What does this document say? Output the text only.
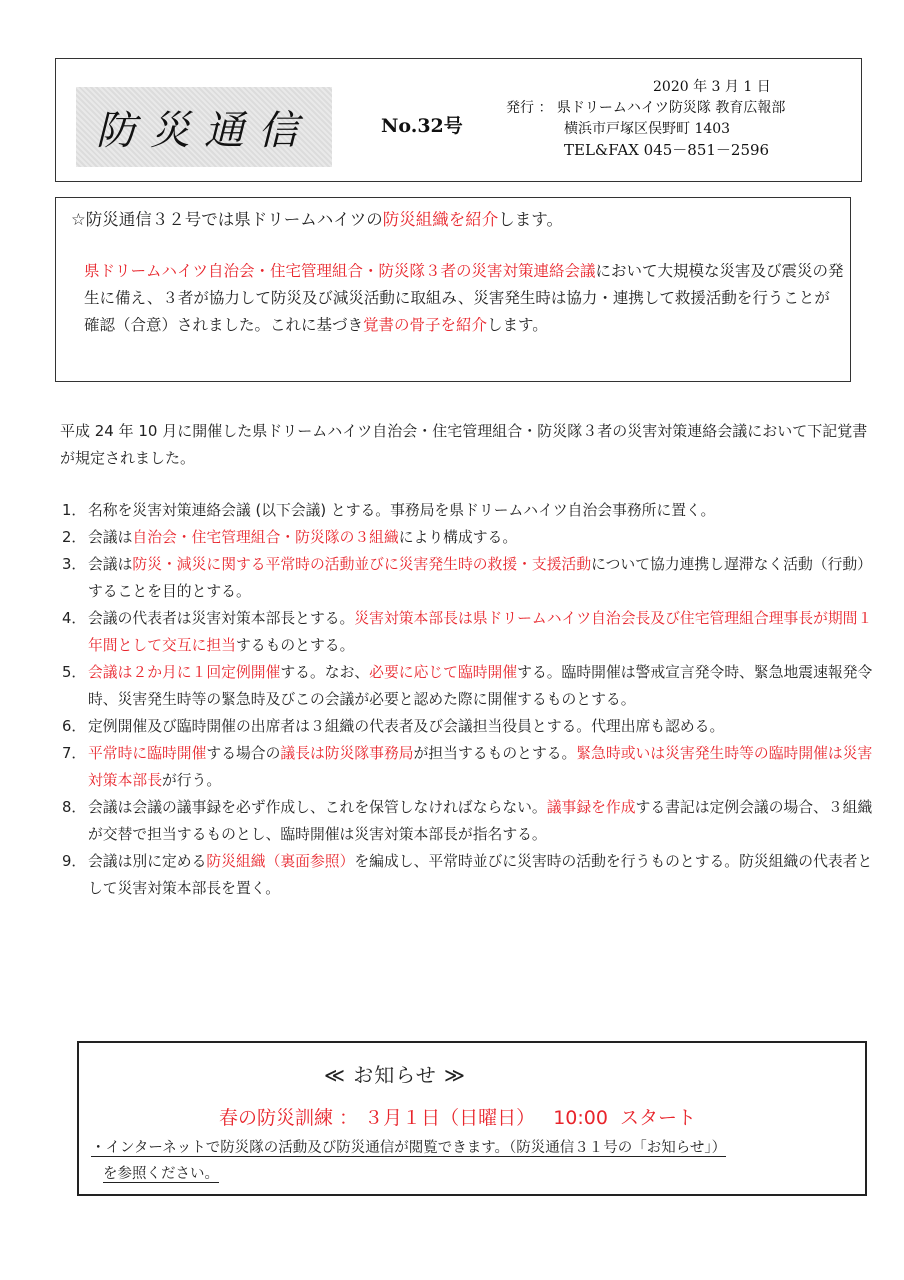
防災通信	No.32号
2020 年 3 月 1 日
発行 ： 県ドリームハイツ防災隊 教育広報部
横浜市戸塚区俣野町 1403
TEL&FAX 045－851－2596
☆防災通信３２号では県ドリームハイツの防災組織を紹介します。
県ドリームハイツ自治会・住宅管理組合・防災隊３者の災害対策連絡会議において大規模な災害及び震災の発生に備え、３者が協力して防災及び減災活動に取組み、災害発生時は協力・連携して救援活動を行うことが確認（合意）されました。これに基づき覚書の骨子を紹介します。
平成 24 年 10 月に開催した県ドリームハイツ自治会・住宅管理組合・防災隊３者の災害対策連絡会議において下記覚書が規定されました。
1． 名称を災害対策連絡会議 (以下会議) とする。事務局を県ドリームハイツ自治会事務所に置く。
2． 会議は自治会・住宅管理組合・防災隊の３組織により構成する。
3． 会議は防災・減災に関する平常時の活動並びに災害発生時の救援・支援活動について協力連携し遅滞なく活動（行動）することを目的とする。
4． 会議の代表者は災害対策本部長とする。災害対策本部長は県ドリームハイツ自治会長及び住宅管理組合理事長が期間１年間として交互に担当するものとする。
5． 会議は２か月に１回定例開催する。なお、必要に応じて臨時開催する。臨時開催は警戒宣言発令時、緊急地震速報発令時、災害発生時等の緊急時及びこの会議が必要と認めた際に開催するものとする。
6． 定例開催及び臨時開催の出席者は３組織の代表者及び会議担当役員とする。代理出席も認める。
7． 平常時に臨時開催する場合の議長は防災隊事務局が担当するものとする。緊急時或いは災害発生時等の臨時開催は災害対策本部長が行う。
8． 会議は会議の議事録を必ず作成し、これを保管しなければならない。議事録を作成する書記は定例会議の場合、３組織が交替で担当するものとし、臨時開催は災害対策本部長が指名する。
9． 会議は別に定める防災組織（裏面参照）を編成し、平常時並びに災害時の活動を行うものとする。防災組織の代表者として災害対策本部長を置く。
≪ お知らせ ≫
春の防災訓練 ： ３月１日（日曜日）   10:00  スタート
・インターネットで防災隊の活動及び防災通信が閲覧できます。（防災通信３１号の「お知らせ」）
を参照ください。
